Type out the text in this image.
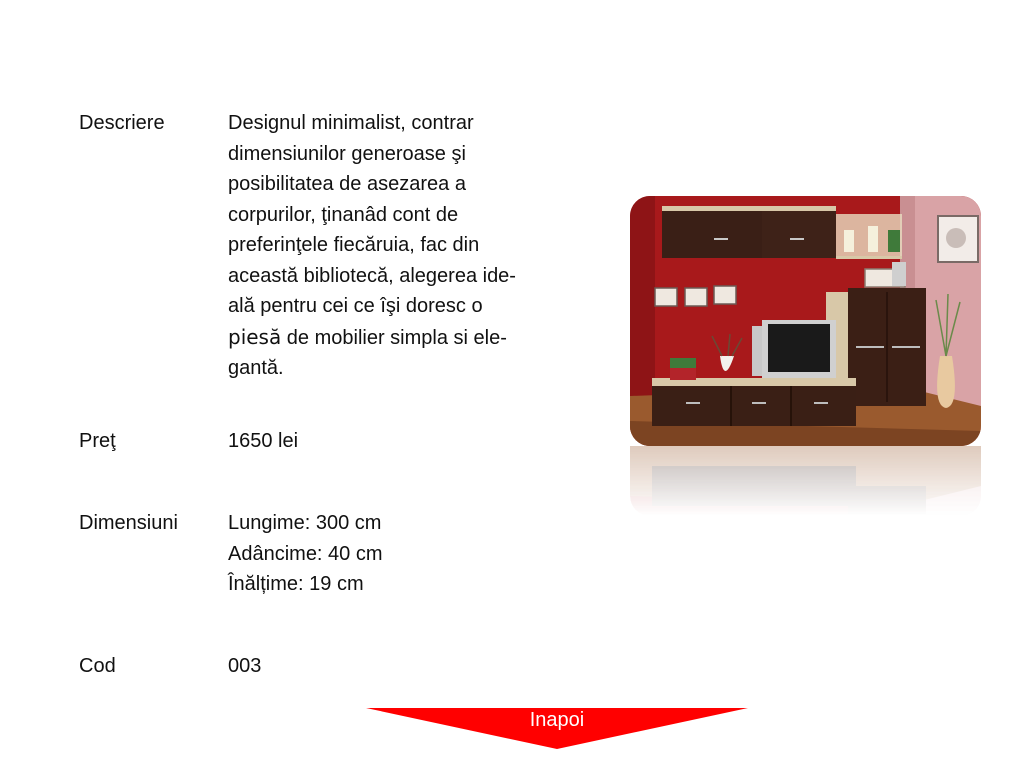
Descriere	Designul minimalist, contrar
dimensiunilor generoase şi
posibilitatea de asezarea a
corpurilor, ţinanâd cont de
preferinţele fiecăruia, fac din
această bibliotecă, alegerea ide-
ală pentru cei ce îşi doresc o
piesă de mobilier simpla si ele-
gantă.
Preţ	1650 lei
Dimensiuni	Lungime: 300 cm
Adâncime: 40 cm
Înălțime: 19 cm
Cod	003
Inapoi
